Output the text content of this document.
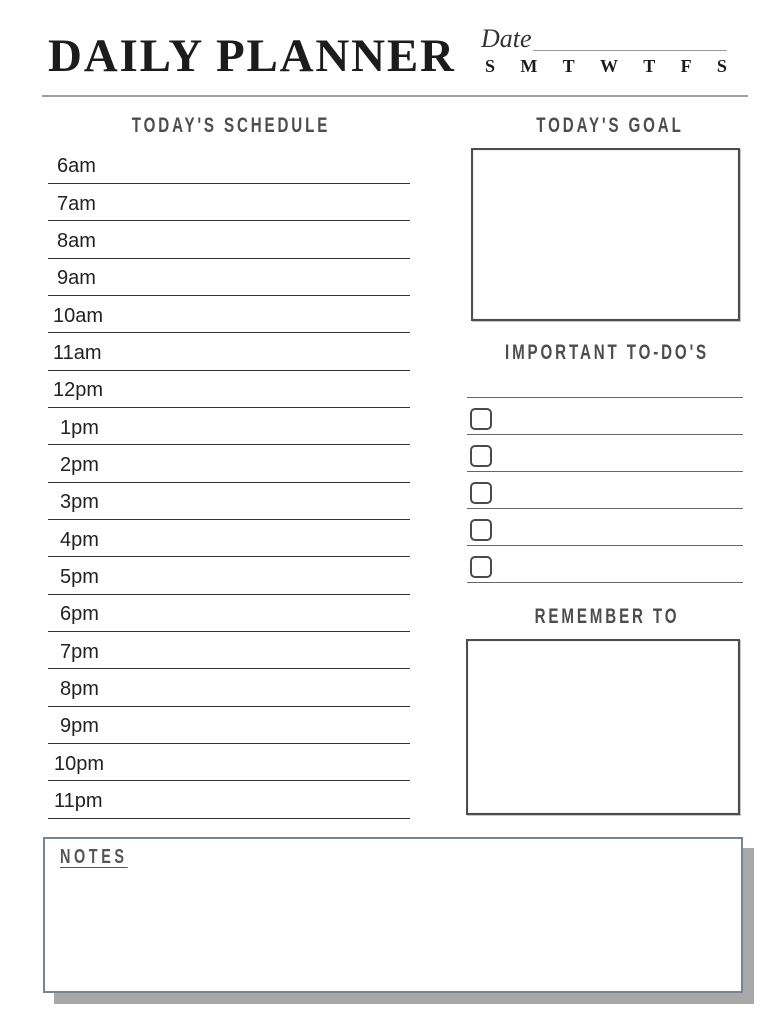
DAILY PLANNER Date
S M T W T F S
TODAY'S SCHEDULE
6am
7am
8am
9am
10am
11am
12pm
1pm
2pm
3pm
4pm
5pm
6pm
7pm
8pm
9pm
10pm
11pm
TODAY'S GOAL
IMPORTANT TO-DO'S
REMEMBER TO
NOTES
